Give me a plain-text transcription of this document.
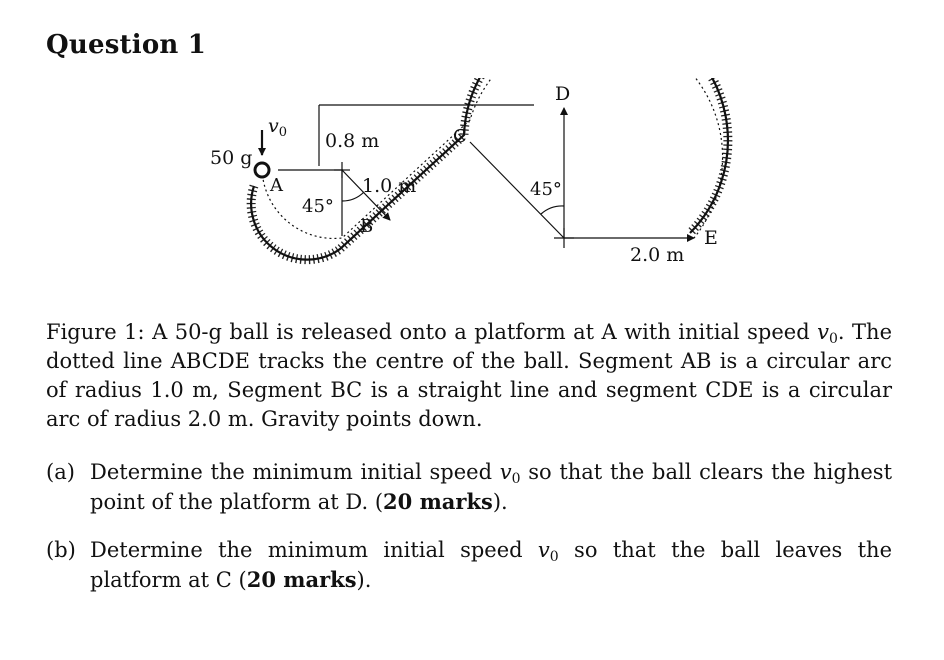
Question 1
50 g
$v_0$ 0.8 m
A
45°
1.0 m
B
C
D
45°
2.0 m
E
Figure 1: A 50-g ball is released onto a platform at A with initial speed $v_0$. The dotted line ABCDE tracks the centre of the ball. Segment AB is a circular arc of radius 1.0 m, Segment BC is a straight line and segment CDE is a circular arc of radius 2.0 m. Gravity points down.
(a) Determine the minimum initial speed $v_0$ so that the ball clears the highest point of the platform at D. (20 marks).
(b) Determine the minimum initial speed $v_0$ so that the ball leaves the platform at C (20 marks).
